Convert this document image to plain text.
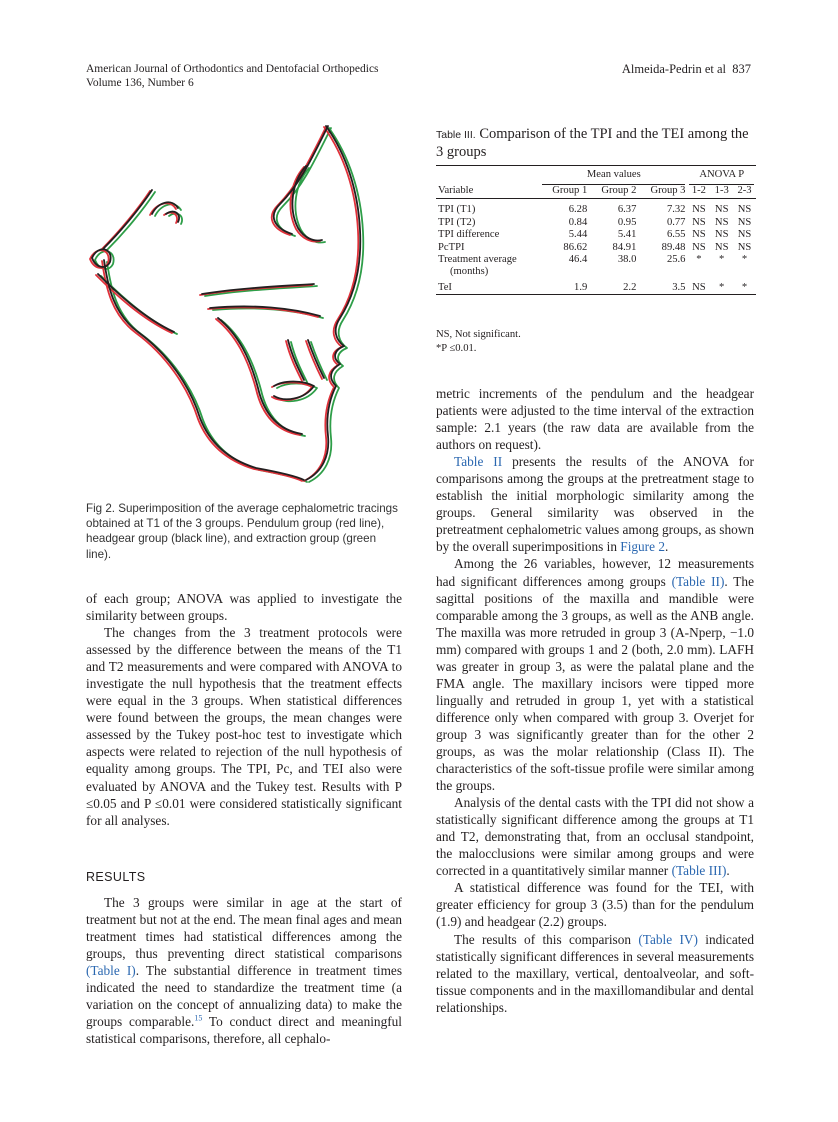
American Journal of Orthodontics and Dentofacial Orthopedics
Volume 136, Number 6
Almeida-Pedrin et al 837
Fig 2. Superimposition of the average cephalometric tracings obtained at T1 of the 3 groups. Pendulum group (red line), headgear group (black line), and extraction group (green line).
Table III. Comparison of the TPI and the TEI among the 3 groups

	Mean values			ANOVA P		

Variable	Group 1	Group 2	Group 3	1-2	1-3	2-3

TPI (T1)	6.28	6.37	7.32	NS	NS	NS
TPI (T2)	0.84	0.95	0.77	NS	NS	NS
TPI difference	5.44	5.41	6.55	NS	NS	NS
PcTPI	86.62	84.91	89.48	NS	NS	NS
Treatment average
(months)	46.4	38.0	25.6	*	*	*
TeI	1.9	2.2	3.5	NS	*	*
NS, Not significant.
*P ≤0.01.

of each group; ANOVA was applied to investigate the similarity between groups.

The changes from the 3 treatment protocols were assessed by the difference between the means of the T1 and T2 measurements and were compared with ANOVA to investigate the null hypothesis that the treatment effects were equal in the 3 groups. When statistical differences were found between the groups, the mean changes were assessed by the Tukey post-hoc test to investigate which aspects were related to rejection of the null hypothesis of equality among groups. The TPI, Pc, and TEI also were evaluated by ANOVA and the Tukey test. Results with P ≤0.05 and P ≤0.01 were considered statistically significant for all analyses.

RESULTS

The 3 groups were similar in age at the start of treatment but not at the end. The mean final ages and mean treatment times had statistical differences among the groups, thus preventing direct statistical comparisons (Table I). The substantial difference in treatment times indicated the need to standardize the treatment time (a variation on the concept of annualizing data) to make the groups comparable.$^{15}$ To conduct direct and meaningful statistical comparisons, therefore, all cephalo-

metric increments of the pendulum and the headgear patients were adjusted to the time interval of the extraction sample: 2.1 years (the raw data are available from the authors on request).

Table II presents the results of the ANOVA for comparisons among the groups at the pretreatment stage to establish the initial morphologic similarity among the groups. General similarity was observed in the pretreatment cephalometric values among groups, as shown by the overall superimpositions in Figure 2.

Among the 26 variables, however, 12 measurements had significant differences among groups (Table II). The sagittal positions of the maxilla and mandible were comparable among the 3 groups, as well as the ANB angle. The maxilla was more retruded in group 3 (A-Nperp, −1.0 mm) compared with groups 1 and 2 (both, 2.0 mm). LAFH was greater in group 3, as were the palatal plane and the FMA angle. The maxillary incisors were tipped more lingually and retruded in group 1, yet with a statistical difference only when compared with group 3. Overjet for group 3 was significantly greater than for the other 2 groups, as was the molar relationship (Class II). The characteristics of the soft-tissue profile were similar among the groups.

Analysis of the dental casts with the TPI did not show a statistically significant difference among the groups at T1 and T2, demonstrating that, from an occlusal standpoint, the malocclusions were similar among groups and were corrected in a quantitatively similar manner (Table III).

A statistical difference was found for the TEI, with greater efficiency for group 3 (3.5) than for the pendulum (1.9) and headgear (2.2) groups.

The results of this comparison (Table IV) indicated statistically significant differences in several measurements related to the maxillary, vertical, dentoalveolar, and soft-tissue components and in the maxillomandibular and dental relationships.
